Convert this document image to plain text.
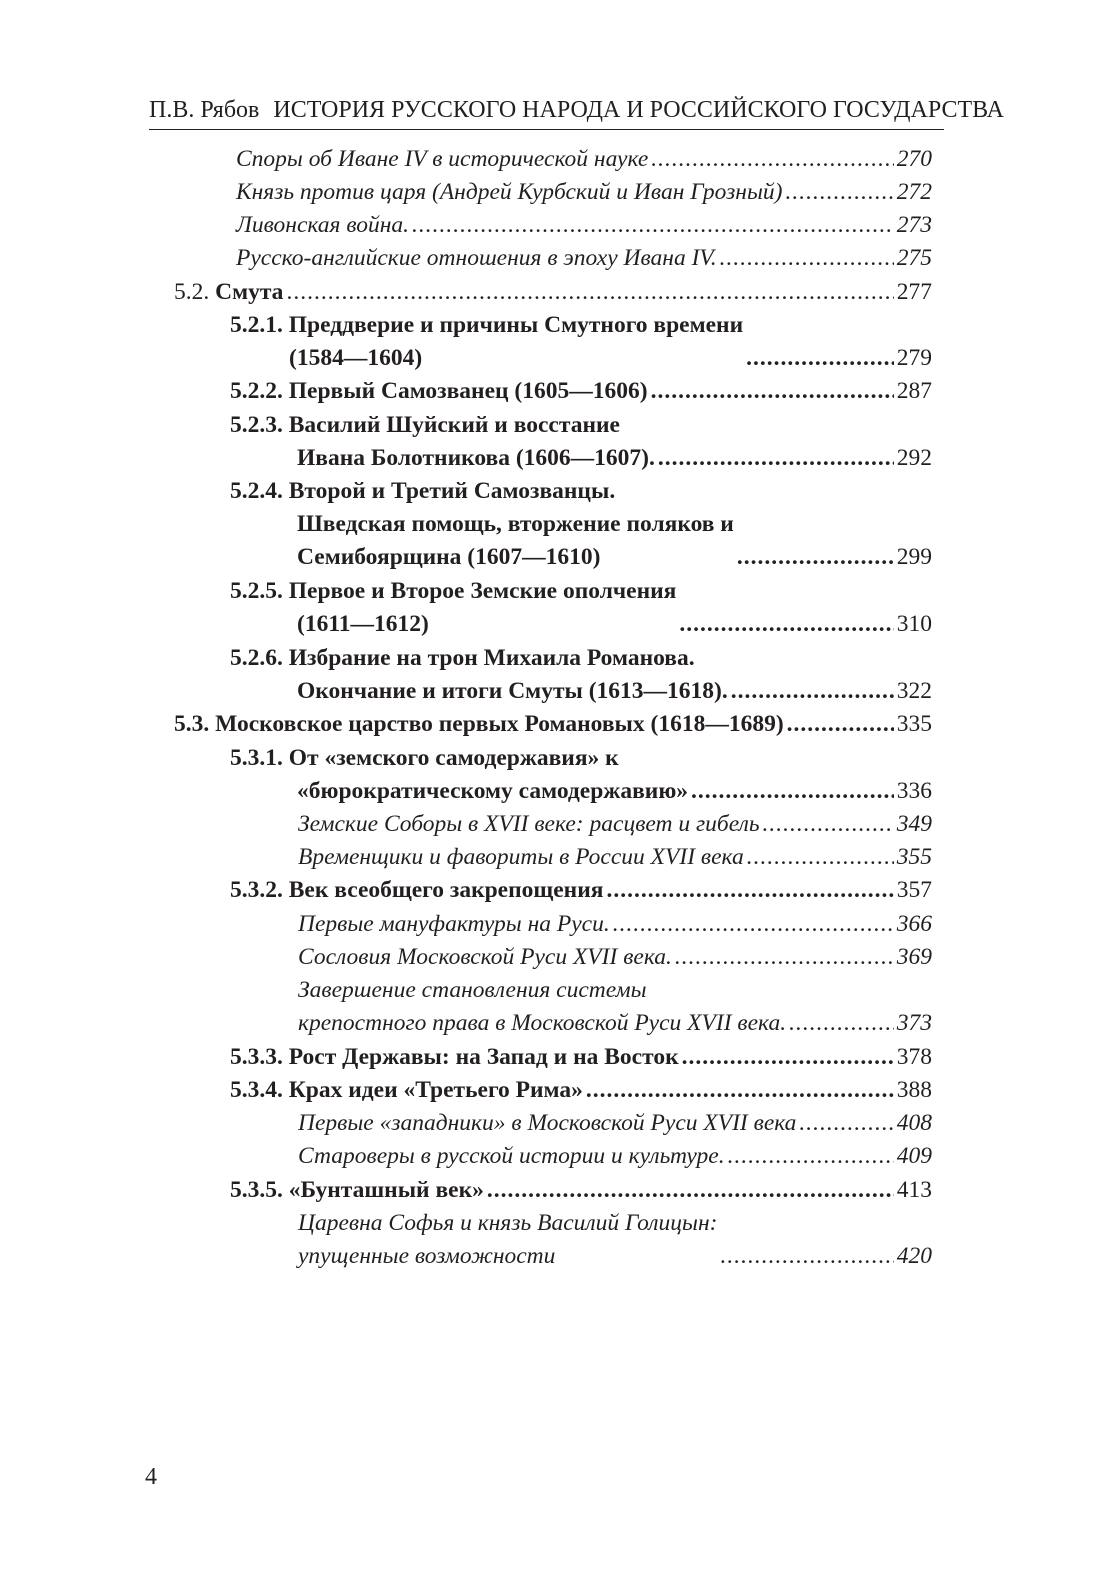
П.В. Рябов ИСТОРИЯ РУССКОГО НАРОДА И РОССИЙСКОГО ГОСУДАРСТВА
Споры об Иване IV в исторической науке .....	270
Князь против царя (Андрей Курбский и Иван Грозный) .....	272
Ливонская война. .....	273
Русско-английские отношения в эпоху Ивана IV. .....	275
5.2. Смута .....	277
5.2.1. Преддверие и причины Смутного времени
(1584—1604) .....	279
5.2.2. Первый Самозванец (1605—1606) .....	287
5.2.3. Василий Шуйский и восстание
Ивана Болотникова (1606—1607). .....	292
5.2.4. Второй и Третий Самозванцы.
Шведская помощь, вторжение поляков и
Семибоярщина (1607—1610) .....	299
5.2.5. Первое и Второе Земские ополчения
(1611—1612) .....	310
5.2.6. Избрание на трон Михаила Романова.
Окончание и итоги Смуты (1613—1618). .....	322
5.3. Московское царство первых Романовых (1618—1689) .....	335
5.3.1. От «земского самодержавия» к
«бюрократическому самодержавию» .....	336
Земские Соборы в XVII веке: расцвет и гибель .....	349
Временщики и фавориты в России XVII века .....	355
5.3.2. Век всеобщего закрепощения .....	357
Первые мануфактуры на Руси. .....	366
Сословия Московской Руси XVII века. .....	369
Завершение становления системы
крепостного права в Московской Руси XVII века. .....	373
5.3.3. Рост Державы: на Запад и на Восток .....	378
5.3.4. Крах идеи «Третьего Рима» .....	388
Первые «западники» в Московской Руси XVII века .....	408
Староверы в русской истории и культуре. .....	409
5.3.5. «Бунташный век» .....	413
Царевна Софья и князь Василий Голицын:
упущенные возможности .....	420
4
